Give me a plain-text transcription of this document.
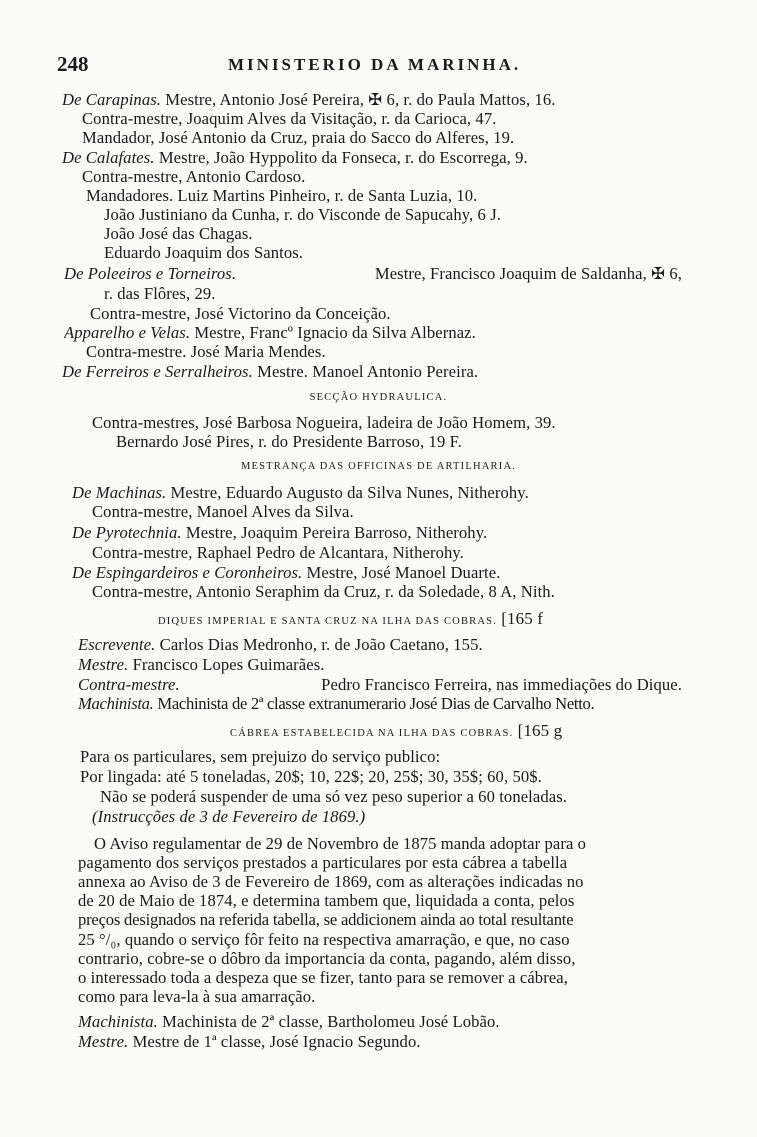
248	MINISTERIO DA MARINHA.
De Carapinas. Mestre, Antonio José Pereira, ✠ 6, r. do Paula Mattos, 16.
Contra-mestre, Joaquim Alves da Visitação, r. da Carioca, 47.
Mandador, José Antonio da Cruz, praia do Sacco do Alferes, 19.
De Calafates. Mestre, João Hyppolito da Fonseca, r. do Escorrega, 9.
Contra-mestre, Antonio Cardoso.
Mandadores. Luiz Martins Pinheiro, r. de Santa Luzia, 10.
João Justiniano da Cunha, r. do Visconde de Sapucahy, 6 J.
João José das Chagas.
Eduardo Joaquim dos Santos.
De Poleeiros e Torneiros.	Mestre, Francisco Joaquim de Saldanha, ✠ 6,
r. das Flôres, 29.
Contra-mestre, José Victorino da Conceição.
Apparelho e Velas. Mestre, Francº Ignacio da Silva Albernaz.
Contra-mestre. José Maria Mendes.
De Ferreiros e Serralheiros. Mestre. Manoel Antonio Pereira.
SECÇÃO HYDRAULICA.
Contra-mestres, José Barbosa Nogueira, ladeira de João Homem, 39.
Bernardo José Pires, r. do Presidente Barroso, 19 F.
MESTRANÇA DAS OFFICINAS DE ARTILHARIA.
De Machinas. Mestre, Eduardo Augusto da Silva Nunes, Nitherohy.
Contra-mestre, Manoel Alves da Silva.
De Pyrotechnia. Mestre, Joaquim Pereira Barroso, Nitherohy.
Contra-mestre, Raphael Pedro de Alcantara, Nitherohy.
De Espingardeiros e Coronheiros. Mestre, José Manoel Duarte.
Contra-mestre, Antonio Seraphim da Cruz, r. da Soledade, 8 A, Nith.
DIQUES IMPERIAL E SANTA CRUZ NA ILHA DAS COBRAS. [165 f
Escrevente. Carlos Dias Medronho, r. de João Caetano, 155.
Mestre. Francisco Lopes Guimarães.
Contra-mestre.	Pedro Francisco Ferreira, nas immediações do Dique.
Machinista. Machinista de 2ª classe extranumerario José Dias de Carvalho Netto.
CÁBREA ESTABELECIDA NA ILHA DAS COBRAS. [165 g
Para os particulares, sem prejuizo do serviço publico:
Por lingada: até 5 toneladas, 20$; 10, 22$; 20, 25$; 30, 35$; 60, 50$.
Não se poderá suspender de uma só vez peso superior a 60 toneladas.
(Instrucções de 3 de Fevereiro de 1869.)
O Aviso regulamentar de 29 de Novembro de 1875 manda adoptar para o
pagamento dos serviços prestados a particulares por esta cábrea a tabella
annexa ao Aviso de 3 de Fevereiro de 1869, com as alterações indicadas no
de 20 de Maio de 1874, e determina tambem que, liquidada a conta, pelos
preços designados na referida tabella, se addicionem ainda ao total resultante
25 °/₀, quando o serviço fôr feito na respectiva amarração, e que, no caso
contrario, cobre-se o dôbro da importancia da conta, pagando, além disso,
o interessado toda a despeza que se fizer, tanto para se remover a cábrea,
como para leva-la à sua amarração.
Machinista. Machinista de 2ª classe, Bartholomeu José Lobão.
Mestre. Mestre de 1ª classe, José Ignacio Segundo.
